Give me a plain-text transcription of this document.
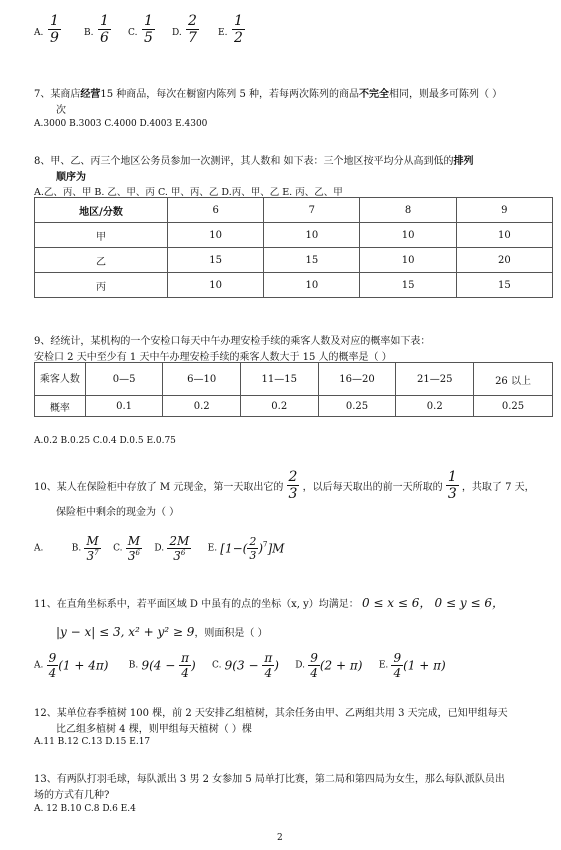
A. $\frac{1}{9}$	B. $\frac{1}{6} C$. $\frac{1}{5} D$. $\frac{2}{7} E$. $\frac{1}{2}$
7、某商店经营15 种商品，每次在橱窗内陈列 5 种，若每两次陈列的商品不完全相同，则最多可陈列（ ）
次
A.3000 B.3003 C.4000 D.4003 E.4300
8、甲、乙、丙三个地区公务员参加一次测评，其人数和 如下表：三个地区按平均分从高到低的排列
顺序为
A.乙、丙、甲 B. 乙、甲、丙 C. 甲、丙、乙 D.丙、甲、乙 E. 丙、乙、甲
地区/分数	6	7	8	9
甲	10	10	10	10
乙	15	15	10	20
丙	10	10	15	15
9、经统计，某机构的一个安检口每天中午办理安检手续的乘客人数及对应的概率如下表：
安检口 2 天中至少有 1 天中午办理安检手续的乘客人数大于 15 人的概率是（ ）
乘客人数	0—5	6—10	11—15	16—20	21—25	26 以上
概率	0.1	0.2	0.2	0.25	0.2	0.25
A.0.2 B.0.25 C.0.4 D.0.5 E.0.75
10、某人在保险柜中存放了 M 元现金，第一天取出它的 $\frac{2}{3}$ ，以后每天取出的前一天所取的 $\frac{1}{3}$ ，共取了 7 天，
保险柜中剩余的现金为（ ）
A.	B. $\frac{M}{3^7} C$. $\frac{M}{3^6} D$. $\frac{2M}{3^6} E$. $[1-( \frac{2}{3} )^7]M$
11、在直角坐标系中，若平面区域 D 中虽有的点的坐标（x, y）均满足： 0 ≤ x ≤ 6， 0 ≤ y ≤ 6，
|y − x| ≤ 3, x² + y² ≥ 9，则面积是（ ）
A. $\frac{9}{4} (1 + 4\pi)$ B. $9(4 - \frac{\pi}{4}$ ) C. $9(3 - \frac{\pi}{4}$ ) D. $\frac{9}{4} (2 + \pi)$ E. $\frac{9}{4} (1 + \pi)$
12、某单位春季植树 100 棵，前 2 天安排乙组植树，其余任务由甲、乙两组共用 3 天完成，已知甲组每天
比乙组多植树 4 棵，则甲组每天植树（ ）棵
A.11 B.12 C.13 D.15 E.17
13、有两队打羽毛球，每队派出 3 男 2 女参加 5 局单打比赛，第二局和第四局为女生，那么每队派队员出
场的方式有几种?
A. 12 B.10 C.8 D.6 E.4
2
